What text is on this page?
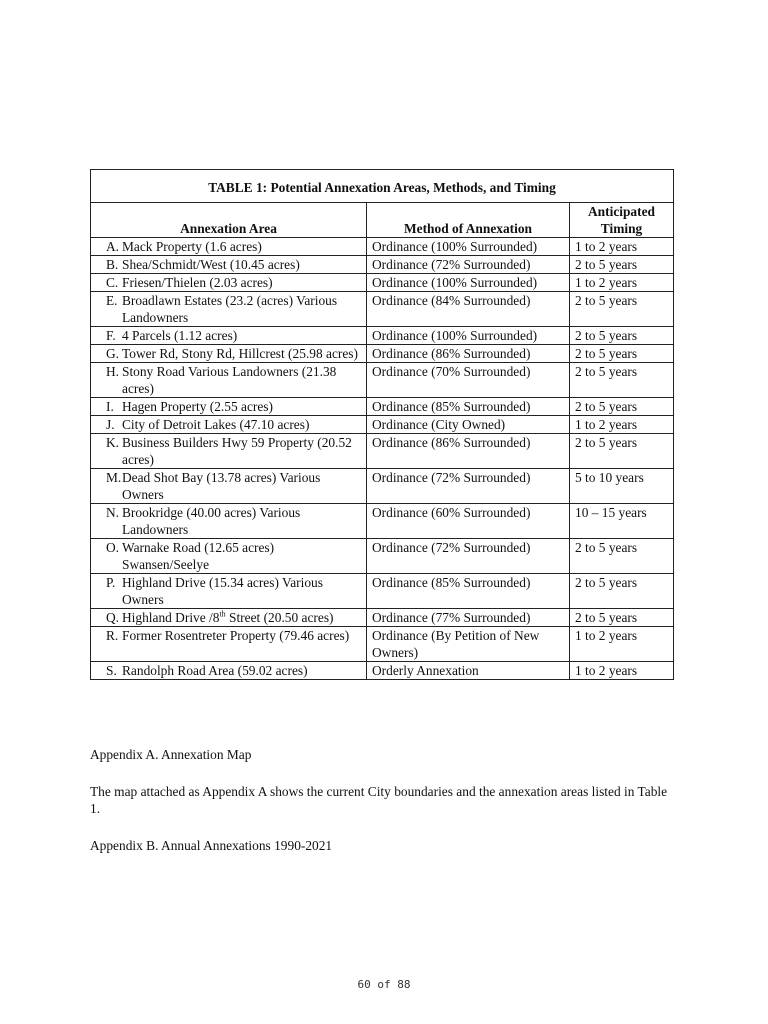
TABLE 1: Potential Annexation Areas, Methods, and Timing		
Annexation Area	Method of Annexation	Anticipated
Timing

A. Mack Property (1.6 acres)	Ordinance (100% Surrounded)	1 to 2 years

B. Shea/Schmidt/West (10.45 acres)	Ordinance (72% Surrounded)	2 to 5 years

C. Friesen/Thielen (2.03 acres)	Ordinance (100% Surrounded)	1 to 2 years

E. Broadlawn Estates (23.2 (acres) Various Landowners	Ordinance (84% Surrounded)	2 to 5 years

F. 4 Parcels (1.12 acres)	Ordinance (100% Surrounded)	2 to 5 years

G. Tower Rd, Stony Rd, Hillcrest (25.98 acres)	Ordinance (86% Surrounded)	2 to 5 years

H. Stony Road Various Landowners (21.38 acres)	Ordinance (70% Surrounded)	2 to 5 years

I. Hagen Property (2.55 acres)	Ordinance (85% Surrounded)	2 to 5 years

J. City of Detroit Lakes (47.10 acres)	Ordinance (City Owned)	1 to 2 years

K. Business Builders Hwy 59 Property (20.52 acres)	Ordinance (86% Surrounded)	2 to 5 years

M. Dead Shot Bay (13.78 acres) Various Owners	Ordinance (72% Surrounded)	5 to 10 years

N. Brookridge (40.00 acres) Various Landowners	Ordinance (60% Surrounded)	10 – 15 years

O. Warnake Road (12.65 acres) Swansen/Seelye	Ordinance (72% Surrounded)	2 to 5 years

P. Highland Drive (15.34 acres) Various Owners	Ordinance (85% Surrounded)	2 to 5 years

Q. Highland Drive /8th Street (20.50 acres)	Ordinance (77% Surrounded)	2 to 5 years

R. Former Rosentreter Property (79.46 acres)	Ordinance (By Petition of New Owners)	1 to 2 years

S. Randolph Road Area (59.02 acres)	Orderly Annexation	1 to 2 years
Appendix A. Annexation Map
The map attached as Appendix A shows the current City boundaries and the annexation areas listed in Table 1.
Appendix B. Annual Annexations 1990-2021
60 of 88
